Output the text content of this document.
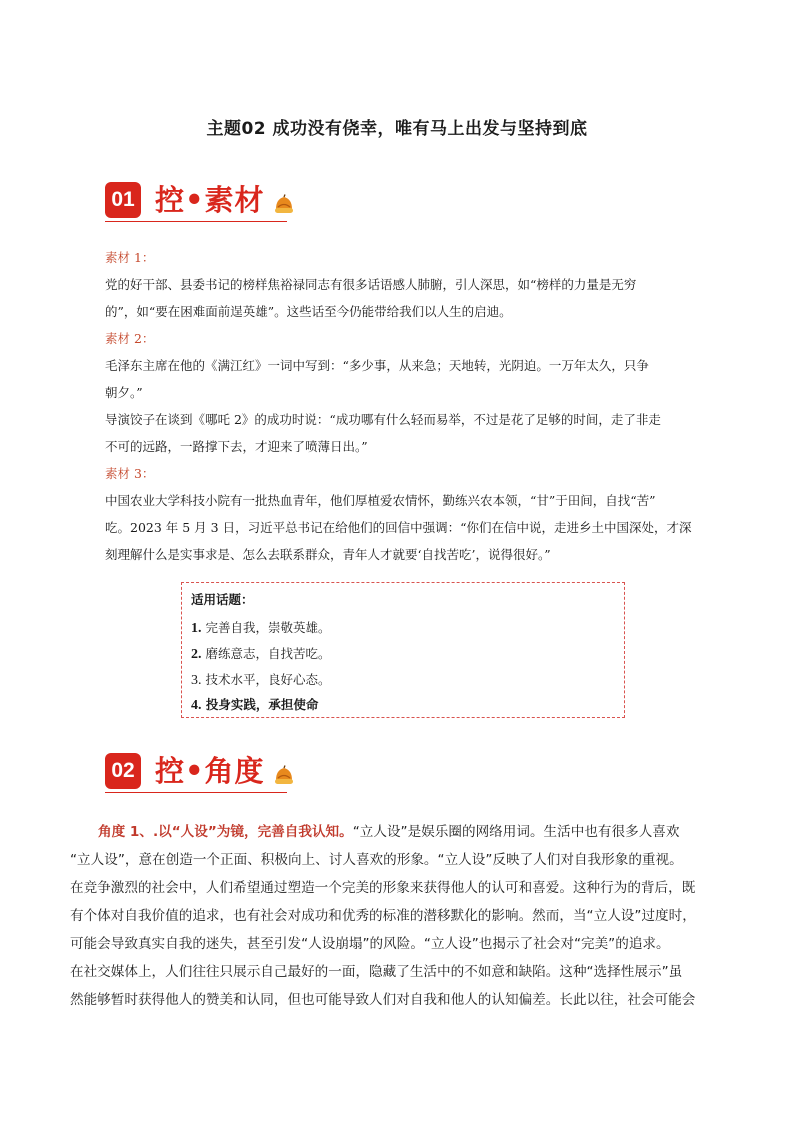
主题02 成功没有侥幸，唯有马上出发与坚持到底
01 控•素材
素材 1：
党的好干部、县委书记的榜样焦裕禄同志有很多话语感人肺腑，引人深思，如“榜样的力量是无穷
的”，如“要在困难面前逞英雄”。这些话至今仍能带给我们以人生的启迪。
素材 2：
毛泽东主席在他的《满江红》一词中写到：“多少事，从来急；天地转，光阴迫。一万年太久，只争
朝夕。”
导演饺子在谈到《哪吒 2》的成功时说：“成功哪有什么轻而易举，不过是花了足够的时间，走了非走
不可的远路，一路撑下去，才迎来了喷薄日出。”
素材 3：
中国农业大学科技小院有一批热血青年，他们厚植爱农情怀，勤练兴农本领，“甘”于田间，自找“苦”
吃。2023 年 5 月 3 日，习近平总书记在给他们的回信中强调：“你们在信中说，走进乡土中国深处，才深
刻理解什么是实事求是、怎么去联系群众，青年人才就要‘自找苦吃’，说得很好。”
适用话题：
1. 完善自我，崇敬英雄。
2. 磨练意志，自找苦吃。
3. 技术水平，良好心态。
4. 投身实践，承担使命
02 控•角度
角度 1、.以“人设”为镜，完善自我认知。“立人设”是娱乐圈的网络用词。生活中也有很多人喜欢
“立人设”，意在创造一个正面、积极向上、讨人喜欢的形象。“立人设”反映了人们对自我形象的重视。
在竞争激烈的社会中，人们希望通过塑造一个完美的形象来获得他人的认可和喜爱。这种行为的背后，既
有个体对自我价值的追求，也有社会对成功和优秀的标准的潜移默化的影响。然而，当“立人设”过度时，
可能会导致真实自我的迷失，甚至引发“人设崩塌”的风险。“立人设”也揭示了社会对“完美”的追求。
在社交媒体上，人们往往只展示自己最好的一面，隐藏了生活中的不如意和缺陷。这种“选择性展示”虽
然能够暂时获得他人的赞美和认同，但也可能导致人们对自我和他人的认知偏差。长此以往，社会可能会
